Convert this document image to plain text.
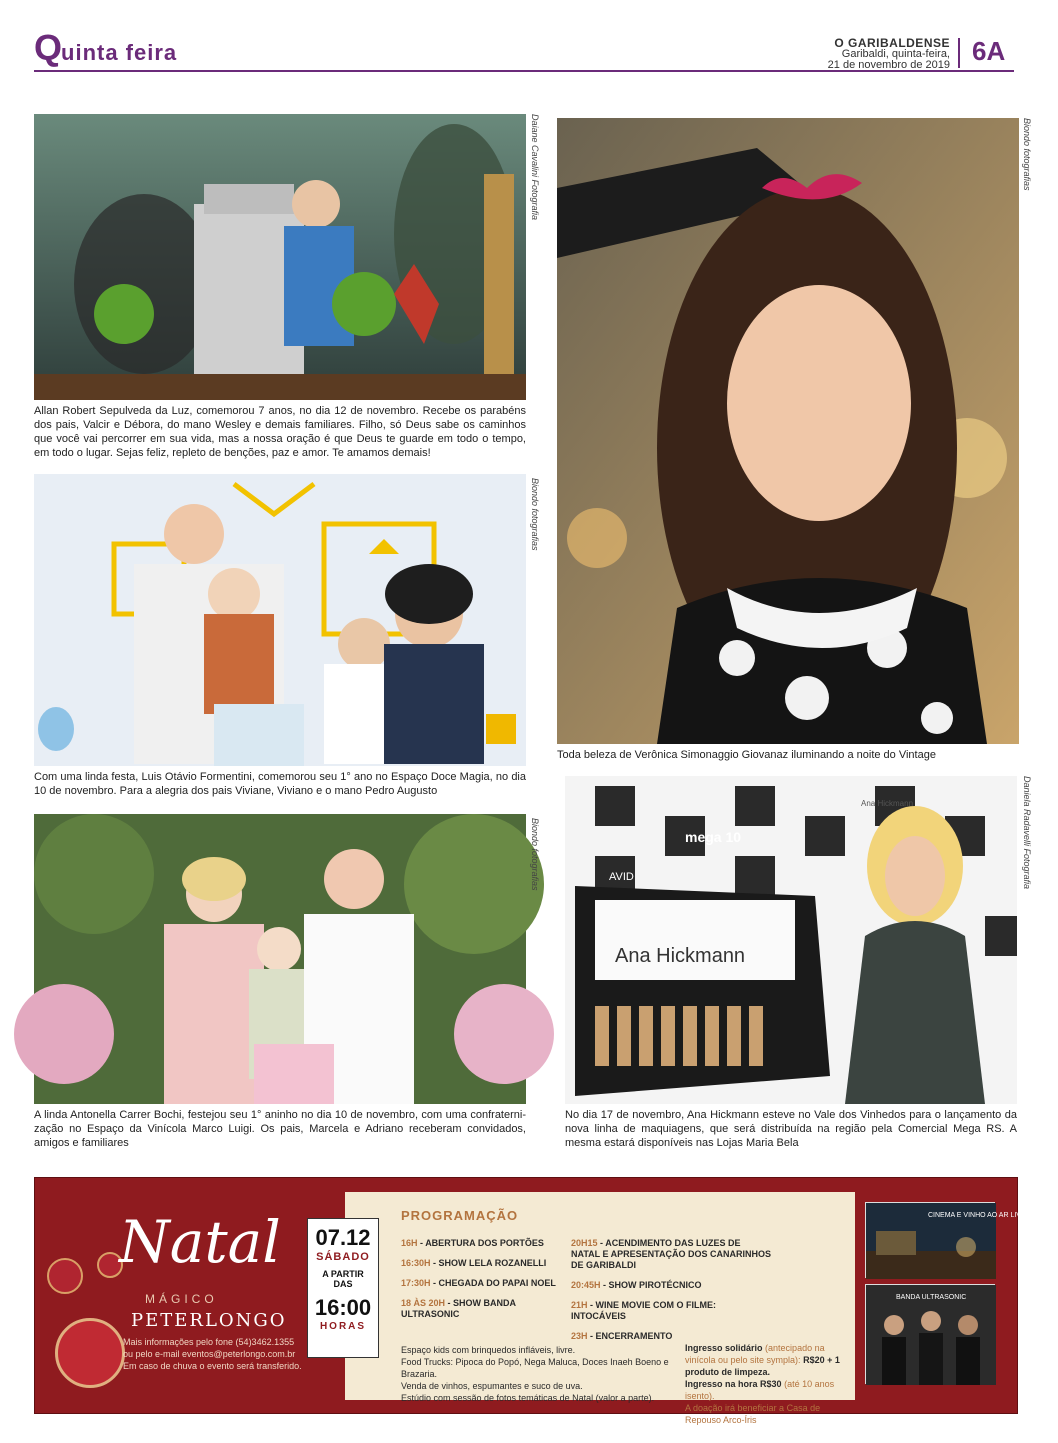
Quinta feira	O GARIBALDENSE
Garibaldi, quinta-feira,
21 de novembro de 2019 6A
Daiane Cavalini Fotografia
Allan Robert Sepulveda da Luz, comemorou 7 anos, no dia 12 de novembro. Recebe os parabéns dos pais, Valcir e Débora, do mano Wesley e demais familiares. Filho, só Deus sabe os caminhos que você vai percorrer em sua vida, mas a nossa oração é que Deus te guarde em todo o tempo, em todo o lugar. Sejas feliz, repleto de benções, paz e amor. Te amamos demais!
Biondo fotografias
Com uma linda festa, Luis Otávio Formentini, comemorou seu 1° ano no Espaço Doce Magia, no dia 10 de novembro. Para a alegria dos pais Viviane, Viviano e o mano Pedro Augusto
Biondo fotografias
A linda Antonella Carrer Bochi, festejou seu 1° aninho no dia 10 de novembro, com uma confraterni- zação no Espaço da Vinícola Marco Luigi. Os pais, Marcela e Adriano receberam convidados, amigos e familiares
Biondo fotografias
Toda beleza de Verônica Simonaggio Giovanaz iluminando a noite do Vintage
mega 10
AVID
Ana Hickmann
Ana Hickmann
Daniela Radavelli Fotografia
No dia 17 de novembro, Ana Hickmann esteve no Vale dos Vinhedos para o lançamento da nova linha de maquiagens, que será distribuída na região pela Comercial Mega RS. A mesma estará disponíveis nas Lojas Maria Bela
Natal
MÁGICO
PETERLONGO
Mais informações pelo fone (54)3462.1355
ou pelo e-mail eventos@peterlongo.com.br
Em caso de chuva o evento será transferido.
PROGRAMAÇÃO
16H - ABERTURA DOS PORTÕES
16:30H - SHOW LELA ROZANELLI
17:30H - CHEGADA DO PAPAI NOEL
18 ÀS 20H - SHOW BANDA ULTRASONIC
20H15 - ACENDIMENTO DAS LUZES DE NATAL E APRESENTAÇÃO DOS CANARINHOS DE GARIBALDI
20:45H - SHOW PIROTÉCNICO
21H - WINE MOVIE COM O FILME: INTOCÁVEIS
23H - ENCERRAMENTO
Espaço kids com brinquedos infláveis, livre.
Food Trucks: Pipoca do Popó, Nega Maluca, Doces Inaeh Boeno e Brazaria.
Venda de vinhos, espumantes e suco de uva.
Estúdio com sessão de fotos temáticas de Natal (valor a parte).
Ingresso solidário (antecipado na vinícola ou pelo site sympla): R$20 + 1 produto de limpeza.
Ingresso na hora R$30 (até 10 anos isento).
A doação irá beneficiar a Casa de Repouso Arco-Íris
07.12
SÁBADO
A PARTIR
DAS
16:00
HORAS
CINEMA E VINHO AO AR LIVRE
BANDA ULTRASONIC
